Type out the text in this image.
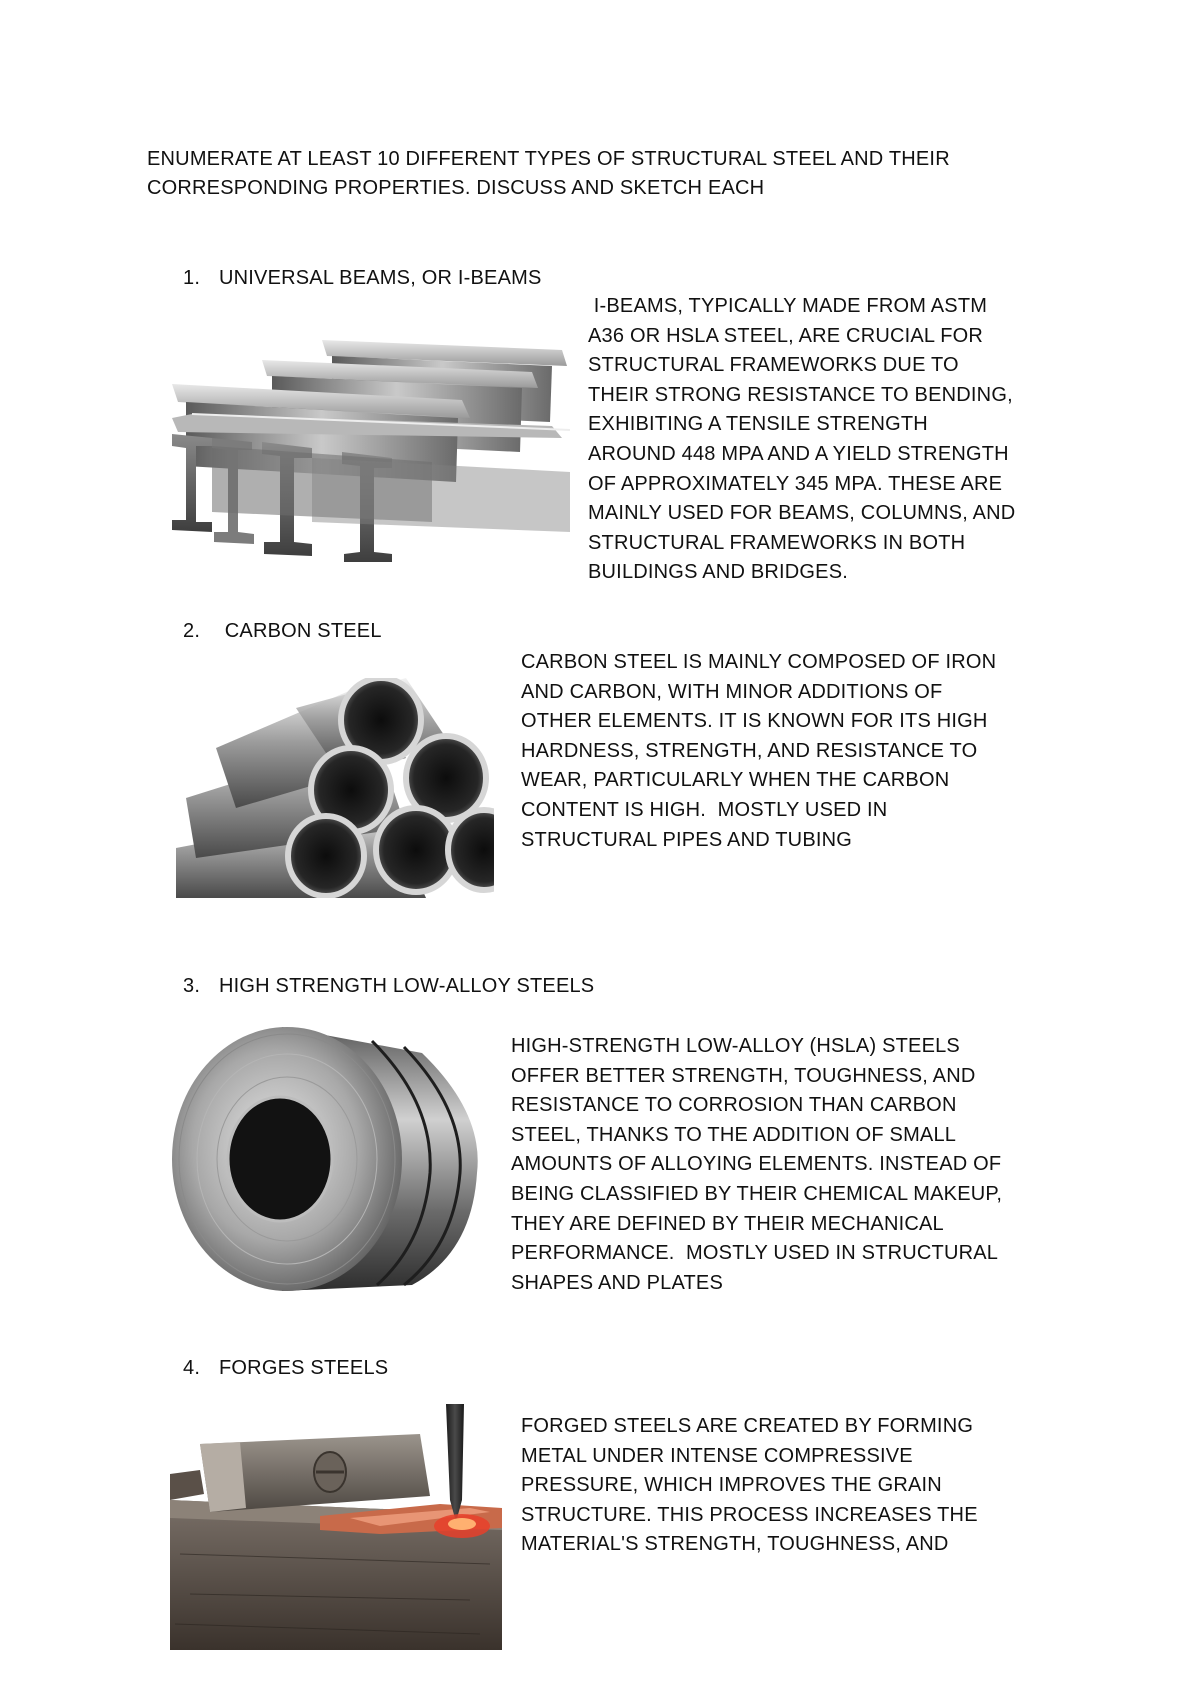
ENUMERATE AT LEAST 10 DIFFERENT TYPES OF STRUCTURAL STEEL AND THEIR
CORRESPONDING PROPERTIES. DISCUSS AND SKETCH EACH
1. UNIVERSAL BEAMS, OR I-BEAMS
I-BEAMS, TYPICALLY MADE FROM ASTM
A36 OR HSLA STEEL, ARE CRUCIAL FOR
STRUCTURAL FRAMEWORKS DUE TO
THEIR STRONG RESISTANCE TO BENDING,
EXHIBITING A TENSILE STRENGTH
AROUND 448 MPA AND A YIELD STRENGTH
OF APPROXIMATELY 345 MPA. THESE ARE
MAINLY USED FOR BEAMS, COLUMNS, AND
STRUCTURAL FRAMEWORKS IN BOTH
BUILDINGS AND BRIDGES.
2. CARBON STEEL
CARBON STEEL IS MAINLY COMPOSED OF IRON
AND CARBON, WITH MINOR ADDITIONS OF
OTHER ELEMENTS. IT IS KNOWN FOR ITS HIGH
HARDNESS, STRENGTH, AND RESISTANCE TO
WEAR, PARTICULARLY WHEN THE CARBON
CONTENT IS HIGH.  MOSTLY USED IN
STRUCTURAL PIPES AND TUBING
3. HIGH STRENGTH LOW-ALLOY STEELS
HIGH-STRENGTH LOW-ALLOY (HSLA) STEELS
OFFER BETTER STRENGTH, TOUGHNESS, AND
RESISTANCE TO CORROSION THAN CARBON
STEEL, THANKS TO THE ADDITION OF SMALL
AMOUNTS OF ALLOYING ELEMENTS. INSTEAD OF
BEING CLASSIFIED BY THEIR CHEMICAL MAKEUP,
THEY ARE DEFINED BY THEIR MECHANICAL
PERFORMANCE.  MOSTLY USED IN STRUCTURAL
SHAPES AND PLATES
4. FORGES STEELS
FORGED STEELS ARE CREATED BY FORMING
METAL UNDER INTENSE COMPRESSIVE
PRESSURE, WHICH IMPROVES THE GRAIN
STRUCTURE. THIS PROCESS INCREASES THE
MATERIAL'S STRENGTH, TOUGHNESS, AND
